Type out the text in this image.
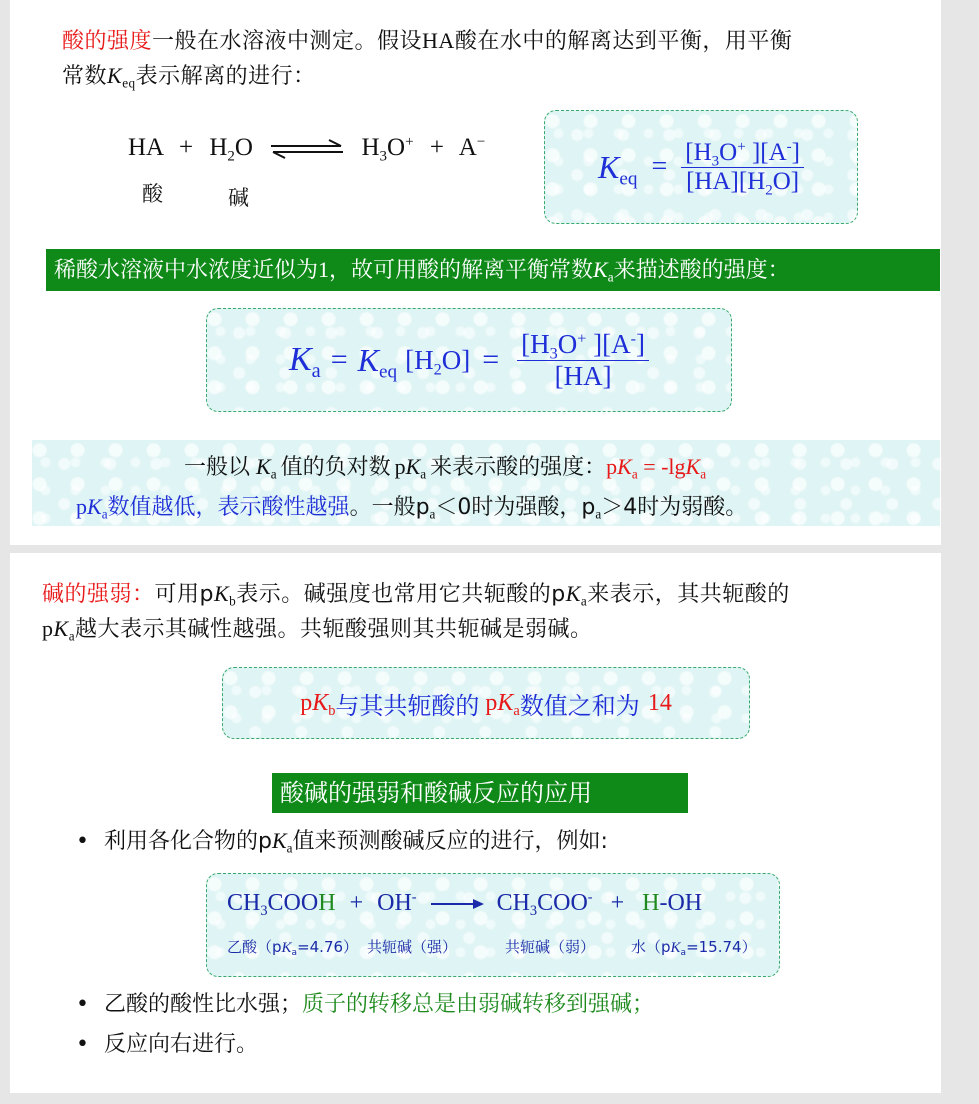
酸的强度一般在水溶液中测定。假设HA酸在水中的解离达到平衡，用平衡
常数$K_{eq}$表示解离的进行：
HA + $H_2O$ ⇌ $H_3O^+ + A^-$
酸	碱
$K_{eq} = \frac{[H_3O^+ ][A^-]}{[HA][H_2O]}$
稀酸水溶液中水浓度近似为1，故可用酸的解离平衡常数$K_a$来描述酸的强度：
$K_a = K_{eq}$ $[H_2O] = \frac{[H_3O^+ ][A^-]}{[HA]}$
一般以 $K_a$ 值的负对数 $pK_a$ 来表示酸的强度：$pK_a = -\lg K_a$
$pK_a$数值越低，表示酸性越强。一般$p_a<0$时为强酸，$p_a>4$时为弱酸。
碱的强弱：可用$pK_b$表示。碱强度也常用它共轭酸的$pK_a$来表示，其共轭酸的
$pK_a$越大表示其碱性越强。共轭酸强则其共轭碱是弱碱。
$pK_b$ 与其共轭酸的 $pK_a$ 数值之和为 14
酸碱的强弱和酸碱反应的应用
• 利用各化合物的$pK_a$值来预测酸碱反应的进行，例如:
$CH_3COOH + OH^- \to CH_3COO^- + H-OH$
乙酸$(pK_a=4.76)$ 共轭碱（强）	共轭碱（弱） 水$(pK_a=15.74)$
• 乙酸的酸性比水强；质子的转移总是由弱碱转移到强碱；
• 反应向右进行。
